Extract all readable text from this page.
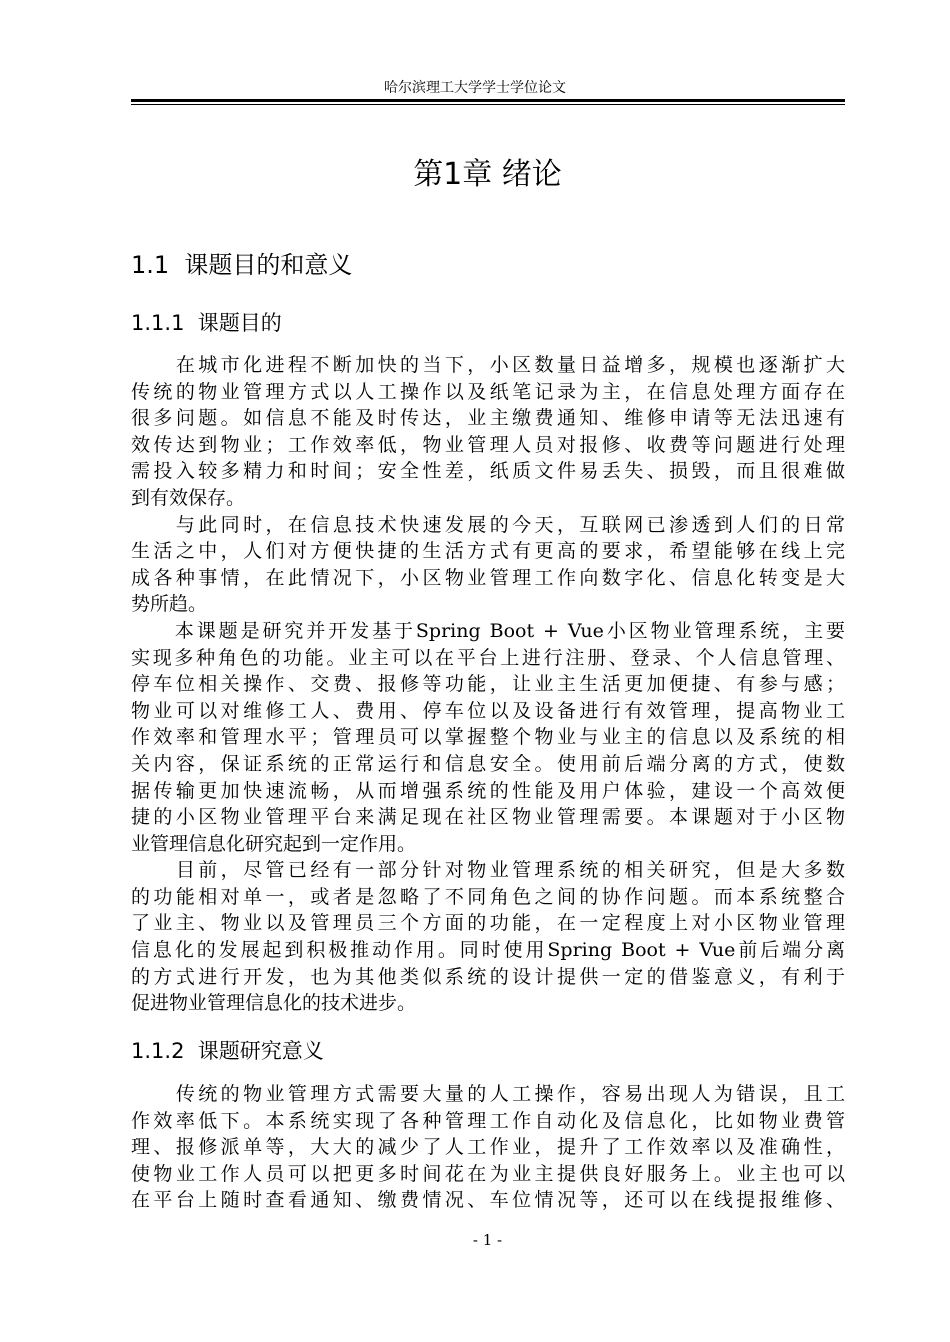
哈尔滨理工大学学士学位论文
第1章 绪论
1.1  课题目的和意义
1.1.1  课题目的
　　在城市化进程不断加快的当下，小区数量日益增多，规模也逐渐扩大
传统的物业管理方式以人工操作以及纸笔记录为主，在信息处理方面存在
很多问题。如信息不能及时传达，业主缴费通知、维修申请等无法迅速有
效传达到物业；工作效率低，物业管理人员对报修、收费等问题进行处理
需投入较多精力和时间；安全性差，纸质文件易丢失、损毁，而且很难做
到有效保存。
　　与此同时，在信息技术快速发展的今天，互联网已渗透到人们的日常
生活之中，人们对方便快捷的生活方式有更高的要求，希望能够在线上完
成各种事情，在此情况下，小区物业管理工作向数字化、信息化转变是大
势所趋。
　　本课题是研究并开发基于Spring Boot + Vue小区物业管理系统，主要
实现多种角色的功能。业主可以在平台上进行注册、登录、个人信息管理、
停车位相关操作、交费、报修等功能，让业主生活更加便捷、有参与感；
物业可以对维修工人、费用、停车位以及设备进行有效管理，提高物业工
作效率和管理水平；管理员可以掌握整个物业与业主的信息以及系统的相
关内容，保证系统的正常运行和信息安全。使用前后端分离的方式，使数
据传输更加快速流畅，从而增强系统的性能及用户体验，建设一个高效便
捷的小区物业管理平台来满足现在社区物业管理需要。本课题对于小区物
业管理信息化研究起到一定作用。
　　目前，尽管已经有一部分针对物业管理系统的相关研究，但是大多数
的功能相对单一，或者是忽略了不同角色之间的协作问题。而本系统整合
了业主、物业以及管理员三个方面的功能，在一定程度上对小区物业管理
信息化的发展起到积极推动作用。同时使用Spring Boot + Vue前后端分离
的方式进行开发，也为其他类似系统的设计提供一定的借鉴意义，有利于
促进物业管理信息化的技术进步。
1.1.2  课题研究意义
　　传统的物业管理方式需要大量的人工操作，容易出现人为错误，且工
作效率低下。本系统实现了各种管理工作自动化及信息化，比如物业费管
理、报修派单等，大大的减少了人工作业，提升了工作效率以及准确性，
使物业工作人员可以把更多时间花在为业主提供良好服务上。业主也可以
在平台上随时查看通知、缴费情况、车位情况等，还可以在线提报维修、
- 1 -
